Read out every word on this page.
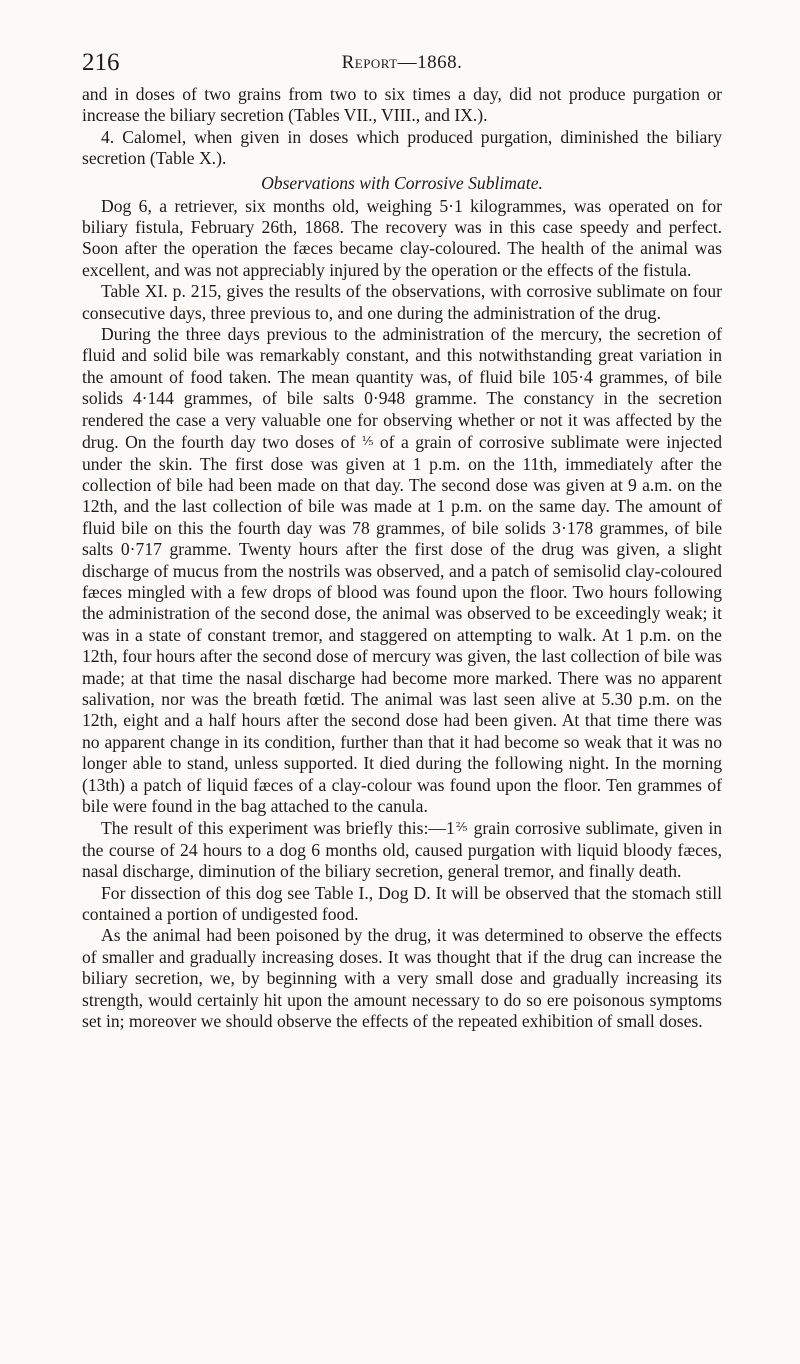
216	Report—1868.

and in doses of two grains from two to six times a day, did not produce purgation or increase the biliary secretion (Tables VII., VIII., and IX.).

4. Calomel, when given in doses which produced purgation, diminished the biliary secretion (Table X.).

Observations with Corrosive Sublimate.

Dog 6, a retriever, six months old, weighing 5·1 kilogrammes, was operated on for biliary fistula, February 26th, 1868. The recovery was in this case speedy and perfect. Soon after the operation the fæces became clay-coloured. The health of the animal was excellent, and was not appreciably injured by the operation or the effects of the fistula.

Table XI. p. 215, gives the results of the observations, with corrosive sublimate on four consecutive days, three previous to, and one during the administration of the drug.

During the three days previous to the administration of the mercury, the secretion of fluid and solid bile was remarkably constant, and this notwithstanding great variation in the amount of food taken. The mean quantity was, of fluid bile 105·4 grammes, of bile solids 4·144 grammes, of bile salts 0·948 gramme. The constancy in the secretion rendered the case a very valuable one for observing whether or not it was affected by the drug. On the fourth day two doses of ⅕ of a grain of corrosive sublimate were injected under the skin. The first dose was given at 1 p.m. on the 11th, immediately after the collection of bile had been made on that day. The second dose was given at 9 a.m. on the 12th, and the last collection of bile was made at 1 p.m. on the same day. The amount of fluid bile on this the fourth day was 78 grammes, of bile solids 3·178 grammes, of bile salts 0·717 gramme. Twenty hours after the first dose of the drug was given, a slight discharge of mucus from the nostrils was observed, and a patch of semisolid clay-coloured fæces mingled with a few drops of blood was found upon the floor. Two hours following the administration of the second dose, the animal was observed to be exceedingly weak; it was in a state of constant tremor, and staggered on attempting to walk. At 1 p.m. on the 12th, four hours after the second dose of mercury was given, the last collection of bile was made; at that time the nasal discharge had become more marked. There was no apparent salivation, nor was the breath fœtid. The animal was last seen alive at 5.30 p.m. on the 12th, eight and a half hours after the second dose had been given. At that time there was no apparent change in its condition, further than that it had become so weak that it was no longer able to stand, unless supported. It died during the following night. In the morning (13th) a patch of liquid fæces of a clay-colour was found upon the floor. Ten grammes of bile were found in the bag attached to the canula.

The result of this experiment was briefly this:—1⅖ grain corrosive sublimate, given in the course of 24 hours to a dog 6 months old, caused purgation with liquid bloody fæces, nasal discharge, diminution of the biliary secretion, general tremor, and finally death.

For dissection of this dog see Table I., Dog D. It will be observed that the stomach still contained a portion of undigested food.

As the animal had been poisoned by the drug, it was determined to observe the effects of smaller and gradually increasing doses. It was thought that if the drug can increase the biliary secretion, we, by beginning with a very small dose and gradually increasing its strength, would certainly hit upon the amount necessary to do so ere poisonous symptoms set in; moreover we should observe the effects of the repeated exhibition of small doses.
